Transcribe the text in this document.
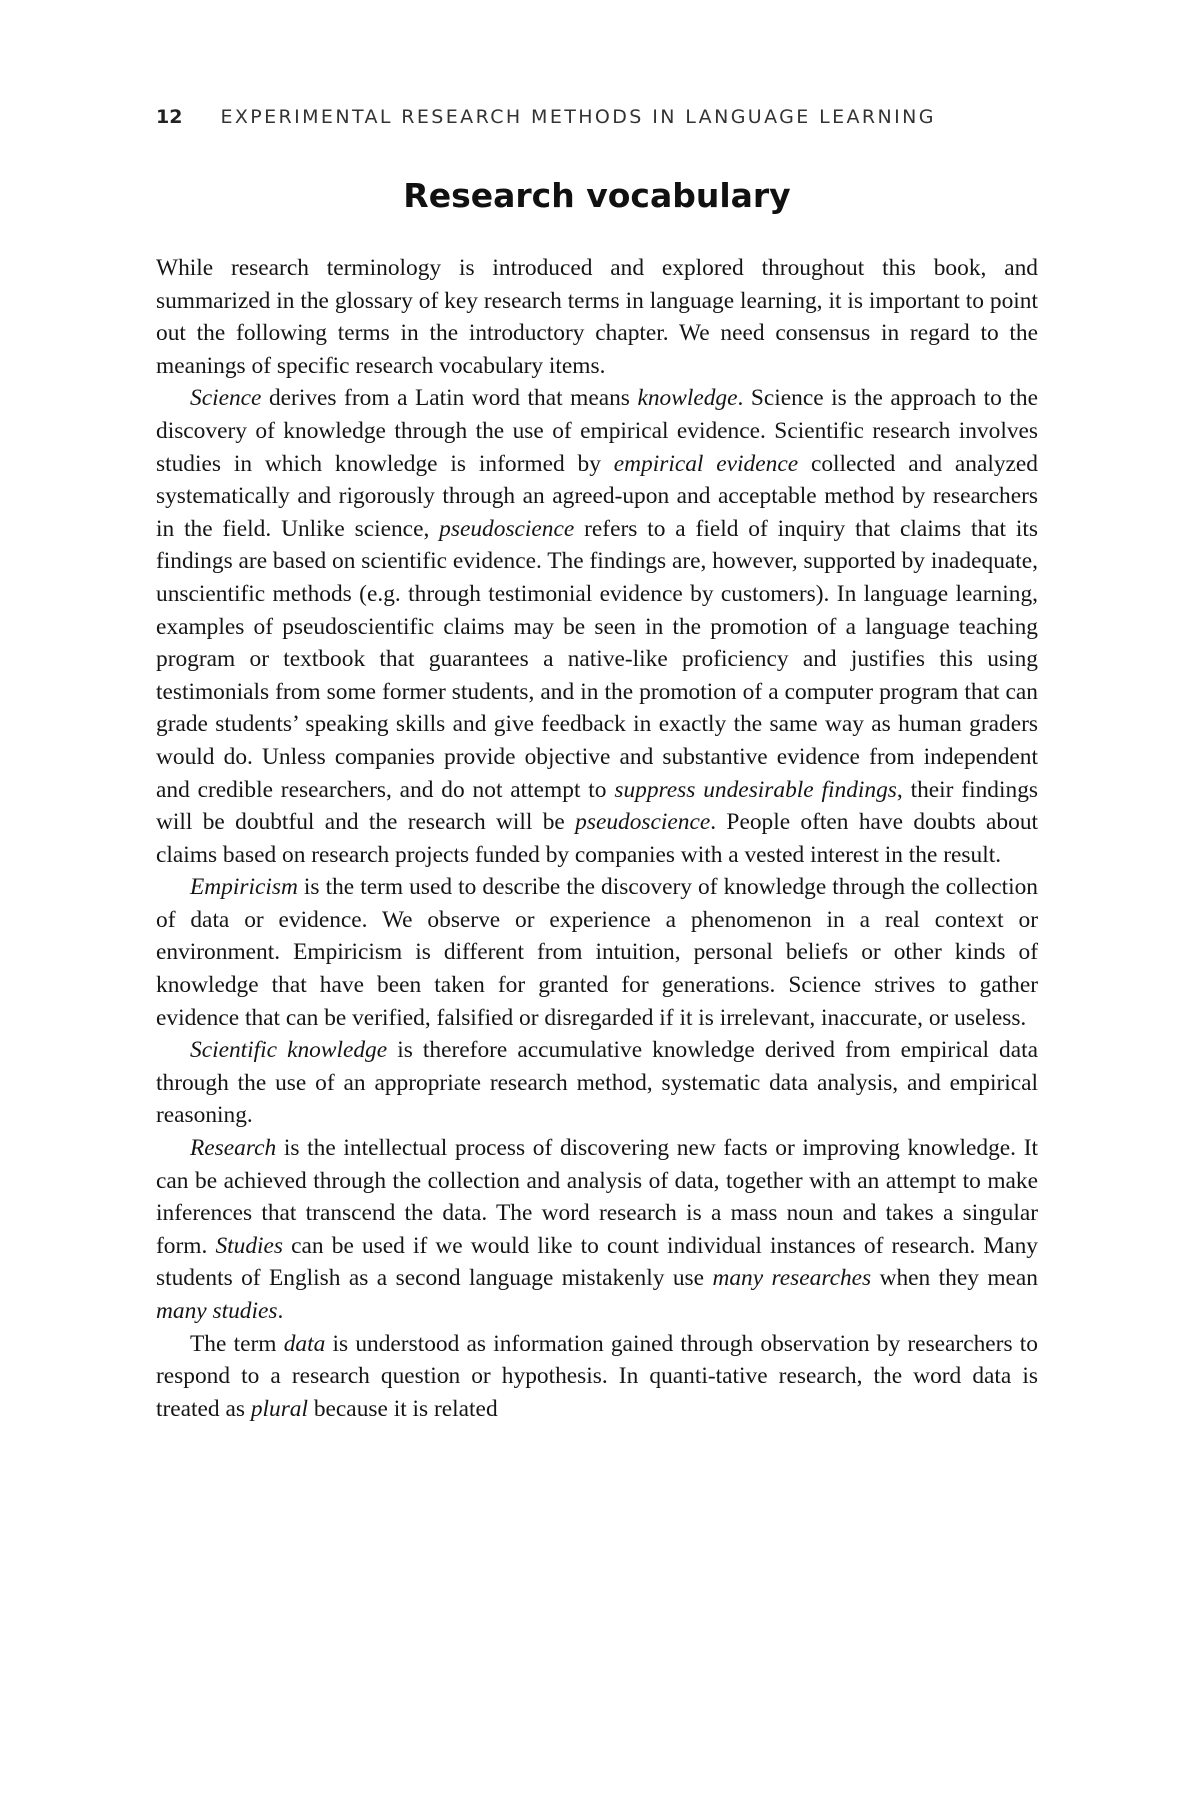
12 EXPERIMENTAL RESEARCH METHODS IN LANGUAGE LEARNING
Research vocabulary

While research terminology is introduced and explored throughout this book, and summarized in the glossary of key research terms in language learning, it is important to point out the following terms in the introductory chapter. We need consensus in regard to the meanings of specific research vocabulary items.

Science derives from a Latin word that means knowledge. Science is the approach to the discovery of knowledge through the use of empirical evidence. Scientific research involves studies in which knowledge is informed by empirical evidence collected and analyzed systematically and rigorously through an agreed-upon and acceptable method by researchers in the field. Unlike science, pseudoscience refers to a field of inquiry that claims that its findings are based on scientific evidence. The findings are, however, supported by inadequate, unscientific methods (e.g. through testimonial evidence by customers). In language learning, examples of pseudoscientific claims may be seen in the promotion of a language teaching program or textbook that guarantees a native-like proficiency and justifies this using testimonials from some former students, and in the promotion of a computer program that can grade students’ speaking skills and give feedback in exactly the same way as human graders would do. Unless companies provide objective and substantive evidence from independent and credible researchers, and do not attempt to suppress undesirable findings, their findings will be doubtful and the research will be pseudoscience. People often have doubts about claims based on research projects funded by companies with a vested interest in the result.

Empiricism is the term used to describe the discovery of knowledge through the collection of data or evidence. We observe or experience a phenomenon in a real context or environment. Empiricism is different from intuition, personal beliefs or other kinds of knowledge that have been taken for granted for generations. Science strives to gather evidence that can be verified, falsified or disregarded if it is irrelevant, inaccurate, or useless.

Scientific knowledge is therefore accumulative knowledge derived from empirical data through the use of an appropriate research method, systematic data analysis, and empirical reasoning.

Research is the intellectual process of discovering new facts or improving knowledge. It can be achieved through the collection and analysis of data, together with an attempt to make inferences that transcend the data. The word research is a mass noun and takes a singular form. Studies can be used if we would like to count individual instances of research. Many students of English as a second language mistakenly use many researches when they mean many studies.

The term data is understood as information gained through observation by researchers to respond to a research question or hypothesis. In quanti-tative research, the word data is treated as plural because it is related
